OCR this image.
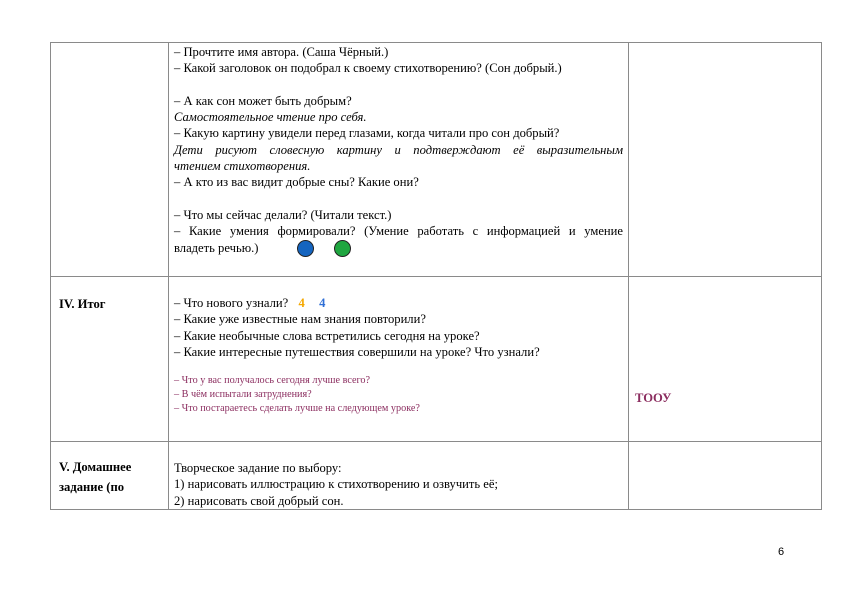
– Прочтите имя автора. (Саша Чёрный.)
– Какой заголовок он подобрал к своему стихотворению? (Сон добрый.)
– А как сон может быть добрым?
Самостоятельное чтение про себя.
– Какую картину увидели перед глазами, когда читали про сон добрый?
Дети рисуют словесную картину и подтверждают её выразительным
чтением стихотворения.
– А кто из вас видит добрые сны? Какие они?
– Что мы сейчас делали? (Читали текст.)
– Какие умения формировали? (Умение работать с информацией и умение
владеть речью.)
IV. Итог	– Что нового узнали? 4 4
– Какие уже известные нам знания повторили?
– Какие необычные слова встретились сегодня на уроке?
– Какие интересные путешествия совершили на уроке? Что узнали?
– Что у вас получалось сегодня лучше всего?
– В чём испытали затруднения?
– Что постараетесь сделать лучше на следующем уроке?
ТООУ
V. Домашнее
задание (по
Творческое задание по выбору:
1) нарисовать иллюстрацию к стихотворению и озвучить её;
2) нарисовать свой добрый сон.
6
